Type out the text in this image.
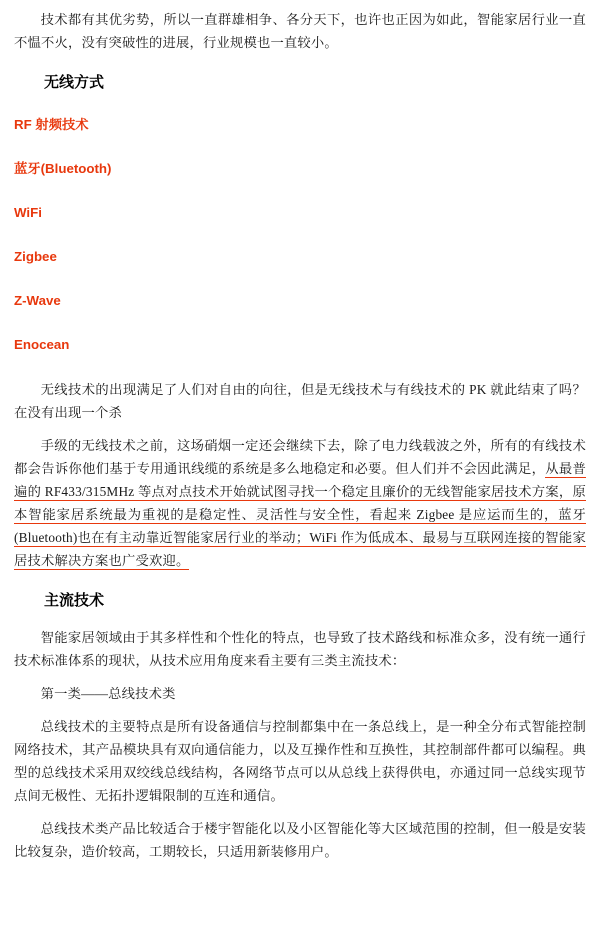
技术都有其优劣势，所以一直群雄相争、各分天下，也许也正因为如此，智能家居行业一直不愠不火，没有突破性的进展，行业规模也一直较小。

无线方式
RF 射频技术
蓝牙(Bluetooth)
WiFi
Zigbee
Z-Wave
Enocean

无线技术的出现满足了人们对自由的向往，但是无线技术与有线技术的 PK 就此结束了吗？在没有出现一个杀

手级的无线技术之前，这场硝烟一定还会继续下去，除了电力线载波之外，所有的有线技术都会告诉你他们基于专用通讯线缆的系统是多么地稳定和必要。但人们并不会因此满足，从最普遍的 RF433/315MHz 等点对点技术开始就试图寻找一个稳定且廉价的无线智能家居技术方案，原本智能家居系统最为重视的是稳定性、灵活性与安全性，看起来 Zigbee 是应运而生的，蓝牙(Bluetooth)也在有主动靠近智能家居行业的举动；WiFi 作为低成本、最易与互联网连接的智能家居技术解决方案也广受欢迎。

主流技术

智能家居领域由于其多样性和个性化的特点，也导致了技术路线和标准众多，没有统一通行技术标准体系的现状，从技术应用角度来看主要有三类主流技术：

第一类——总线技术类

总线技术的主要特点是所有设备通信与控制都集中在一条总线上，是一种全分布式智能控制网络技术，其产品模块具有双向通信能力，以及互操作性和互换性，其控制部件都可以编程。典型的总线技术采用双绞线总线结构，各网络节点可以从总线上获得供电，亦通过同一总线实现节点间无极性、无拓扑逻辑限制的互连和通信。

总线技术类产品比较适合于楼宇智能化以及小区智能化等大区域范围的控制，但一般是安装比较复杂，造价较高，工期较长，只适用新装修用户。
